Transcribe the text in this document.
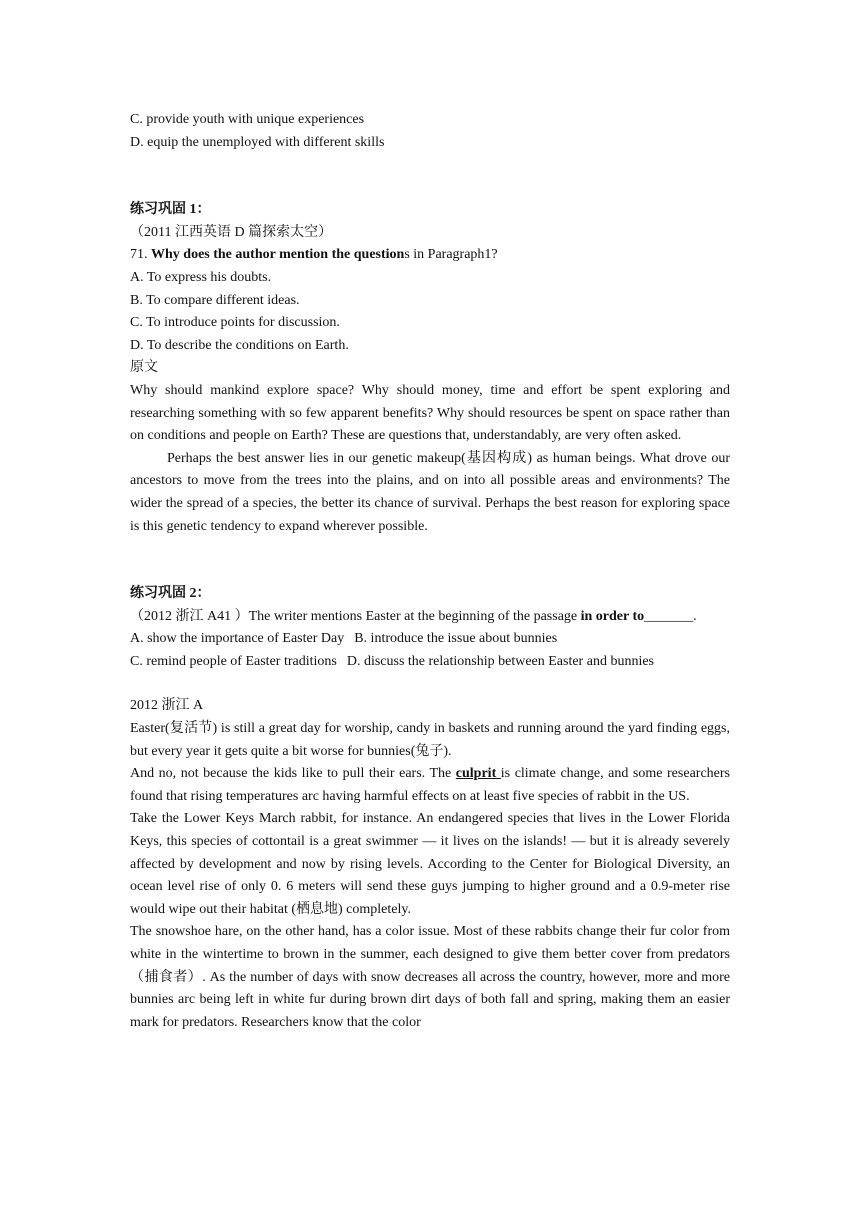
C. provide youth with unique experiences
D. equip the unemployed with different skills
练习巩固 1：
（2011 江西英语 D 篇探索太空）
71. Why does the author mention the questions in Paragraph1?
A. To express his doubts.
B. To compare different ideas.
C. To introduce points for discussion.
D. To describe the conditions on Earth.
原文
Why should mankind explore space? Why should money, time and effort be spent exploring and researching something with so few apparent benefits? Why should resources be spent on space rather than on conditions and people on Earth? These are questions that, understandably, are very often asked.
Perhaps the best answer lies in our genetic makeup(基因构成) as human beings. What drove our ancestors to move from the trees into the plains, and on into all possible areas and environments? The wider the spread of a species, the better its chance of survival. Perhaps the best reason for exploring space is this genetic tendency to expand wherever possible.
练习巩固 2：
（2012 浙江 A41 ）The writer mentions Easter at the beginning of the passage in order to_______.
A. show the importance of Easter Day B. introduce the issue about bunnies
C. remind people of Easter traditions D. discuss the relationship between Easter and bunnies
2012 浙江 A
Easter(复活节) is still a great day for worship, candy in baskets and running around the yard finding eggs, but every year it gets quite a bit worse for bunnies(兔子).
And no, not because the kids like to pull their ears. The culprit is climate change, and some researchers found that rising temperatures arc having harmful effects on at least five species of rabbit in the US.
Take the Lower Keys March rabbit, for instance. An endangered species that lives in the Lower Florida Keys, this species of cottontail is a great swimmer — it lives on the islands! — but it is already severely affected by development and now by rising levels. According to the Center for Biological Diversity, an ocean level rise of only 0. 6 meters will send these guys jumping to higher ground and a 0.9-meter rise would wipe out their habitat (栖息地) completely.
The snowshoe hare, on the other hand, has a color issue. Most of these rabbits change their fur color from white in the wintertime to brown in the summer, each designed to give them better cover from predators（捕食者）. As the number of days with snow decreases all across the country, however, more and more bunnies arc being left in white fur during brown dirt days of both fall and spring, making them an easier mark for predators. Researchers know that the color
